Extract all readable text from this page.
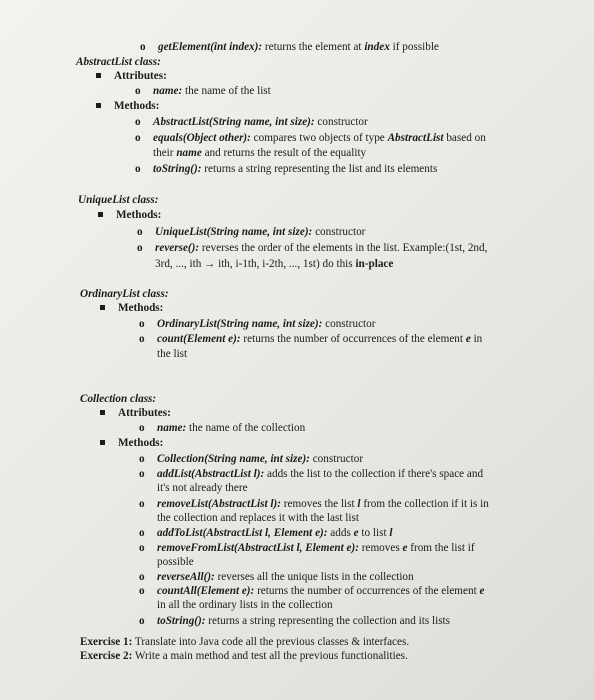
o getElement(int index): returns the element at index if possible
AbstractList class:
Attributes:
o name: the name of the list
Methods:
o AbstractList(String name, int size): constructor
o equals(Object other): compares two objects of type AbstractList based on
their name and returns the result of the equality
o toString(): returns a string representing the list and its elements
UniqueList class:
Methods:
o UniqueList(String name, int size): constructor
o reverse(): reverses the order of the elements in the list. Example:(1st, 2nd,
3rd, ..., ith → ith, i-1th, i-2th, ..., 1st) do this in-place
OrdinaryList class:
Methods:
o OrdinaryList(String name, int size): constructor
o count(Element e): returns the number of occurrences of the element e in
the list
Collection class:
Attributes:
o name: the name of the collection
Methods:
o Collection(String name, int size): constructor
o addList(AbstractList l): adds the list to the collection if there's space and
it's not already there
o removeList(AbstractList l): removes the list l from the collection if it is in
the collection and replaces it with the last list
o addToList(AbstractList l, Element e): adds e to list l
o removeFromList(AbstractList l, Element e): removes e from the list if
possible
o reverseAll(): reverses all the unique lists in the collection
o countAll(Element e): returns the number of occurrences of the element e
in all the ordinary lists in the collection
o toString(): returns a string representing the collection and its lists
Exercise 1: Translate into Java code all the previous classes & interfaces.
Exercise 2: Write a main method and test all the previous functionalities.
